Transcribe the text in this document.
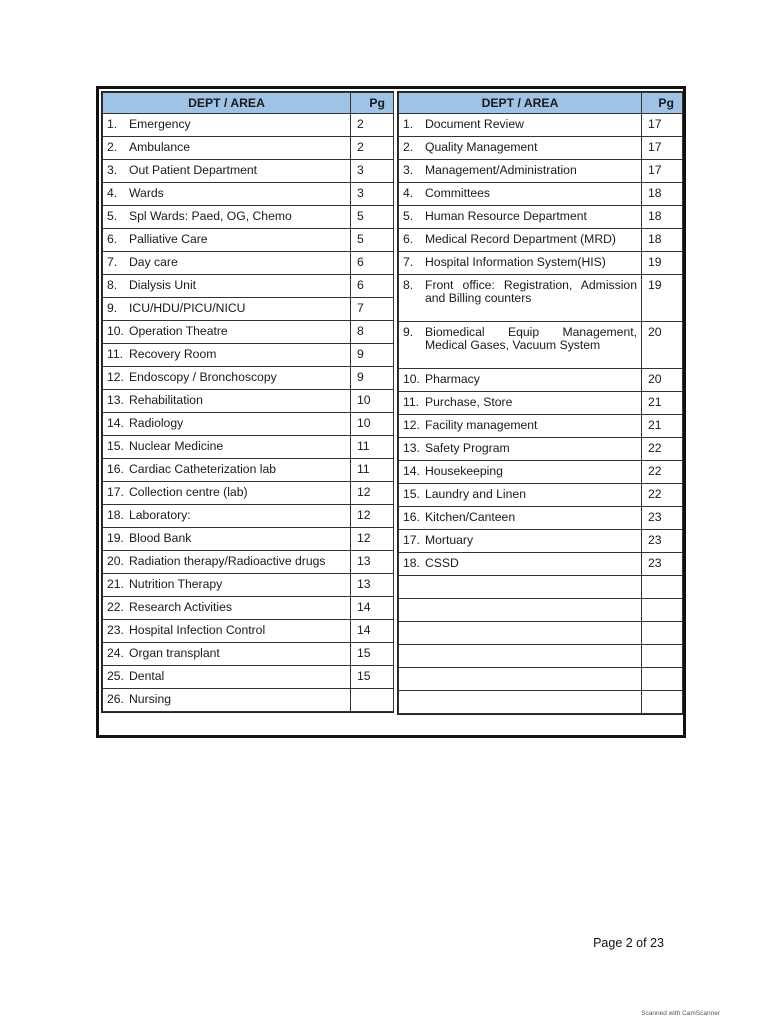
DEPT / AREA	Pg
1. Emergency	2
2. Ambulance	2
3. Out Patient Department	3
4. Wards	3
5. Spl Wards: Paed, OG, Chemo	5
6. Palliative Care	5
7. Day care	6
8. Dialysis Unit	6
9. ICU/HDU/PICU/NICU	7
10. Operation Theatre	8
11. Recovery Room	9
12. Endoscopy / Bronchoscopy	9
13. Rehabilitation	10
14. Radiology	10
15. Nuclear Medicine	11
16. Cardiac Catheterization lab	11
17. Collection centre (lab)	12
18. Laboratory:	12
19. Blood Bank	12
20. Radiation therapy/Radioactive drugs	13
21. Nutrition Therapy	13
22. Research Activities	14
23. Hospital Infection Control	14
24. Organ transplant	15
25. Dental	15
26. Nursing	
DEPT / AREA	Pg
1. Document Review	17
2. Quality Management	17
3. Management/Administration	17
4. Committees	18
5. Human Resource Department	18
6. Medical Record Department (MRD)	18
7. Hospital Information System(HIS)	19

8. Front office: Registration, Admission and Billing counters	19

9. Biomedical Equip Management, Medical Gases, Vacuum System	20
10. Pharmacy	20
11. Purchase, Store	21
12. Facility management	21
13. Safety Program	22
14. Housekeeping	22
15. Laundry and Linen	22
16. Kitchen/Canteen	23
17. Mortuary	23
18. CSSD	23

Page 2 of 23
Scanned with CamScanner
